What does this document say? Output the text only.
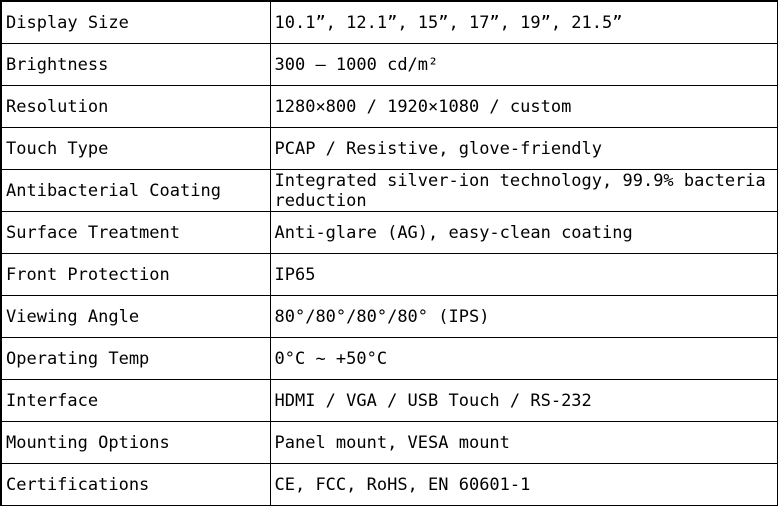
Display Size	10.1”, 12.1”, 15”, 17”, 19”, 21.5”
Brightness	300 – 1000 cd/m²
Resolution	1280×800 / 1920×1080 / custom
Touch Type	PCAP / Resistive, glove-friendly
Antibacterial Coating	Integrated silver-ion technology, 99.9% bacteria reduction
Surface Treatment	Anti-glare (AG), easy-clean coating
Front Protection	IP65
Viewing Angle	80°/80°/80°/80° (IPS)
Operating Temp	0°C ~ +50°C
Interface	HDMI / VGA / USB Touch / RS-232
Mounting Options	Panel mount, VESA mount
Certifications	CE, FCC, RoHS, EN 60601-1
